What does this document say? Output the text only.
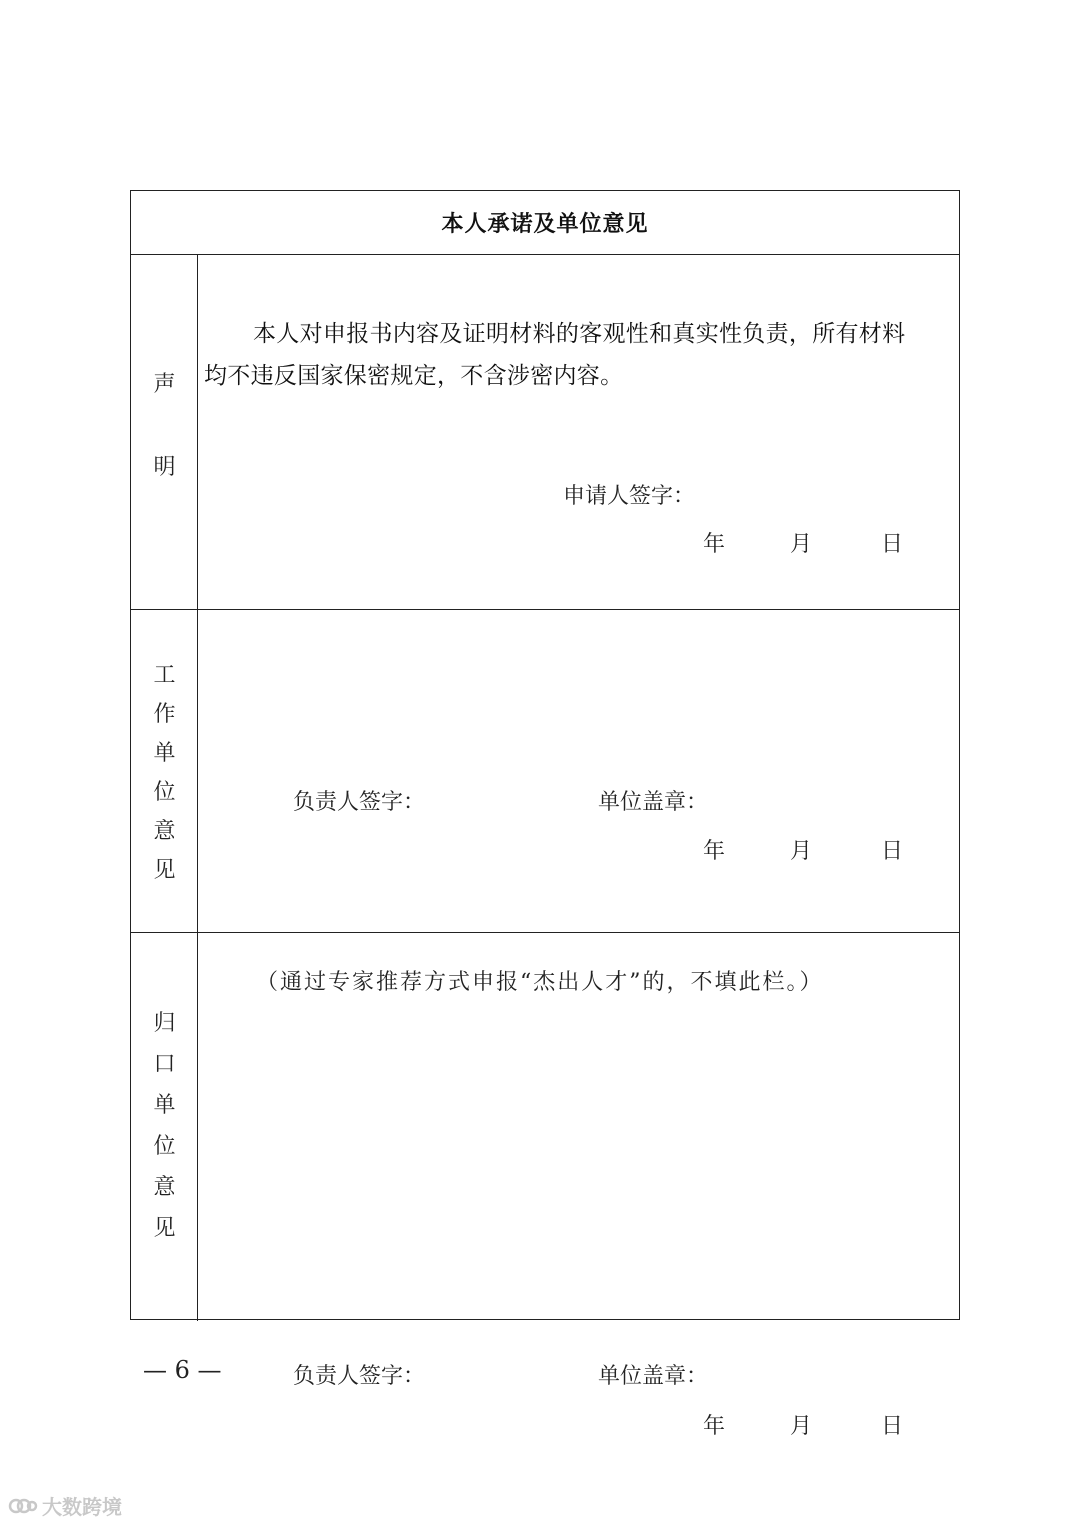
本人承诺及单位意见
声
明
本人对申报书内容及证明材料的客观性和真实性负责，所有材料
均不违反国家保密规定，不含涉密内容。
申请人签字：
年	月	日
工
作
单
位
意
见
负责人签字：	单位盖章：
年	月	日
归
口
单
位
意
见
（通过专家推荐方式申报“杰出人才”的，不填此栏。）
负责人签字：	单位盖章：
年	月	日
— 6 —
大数跨境
